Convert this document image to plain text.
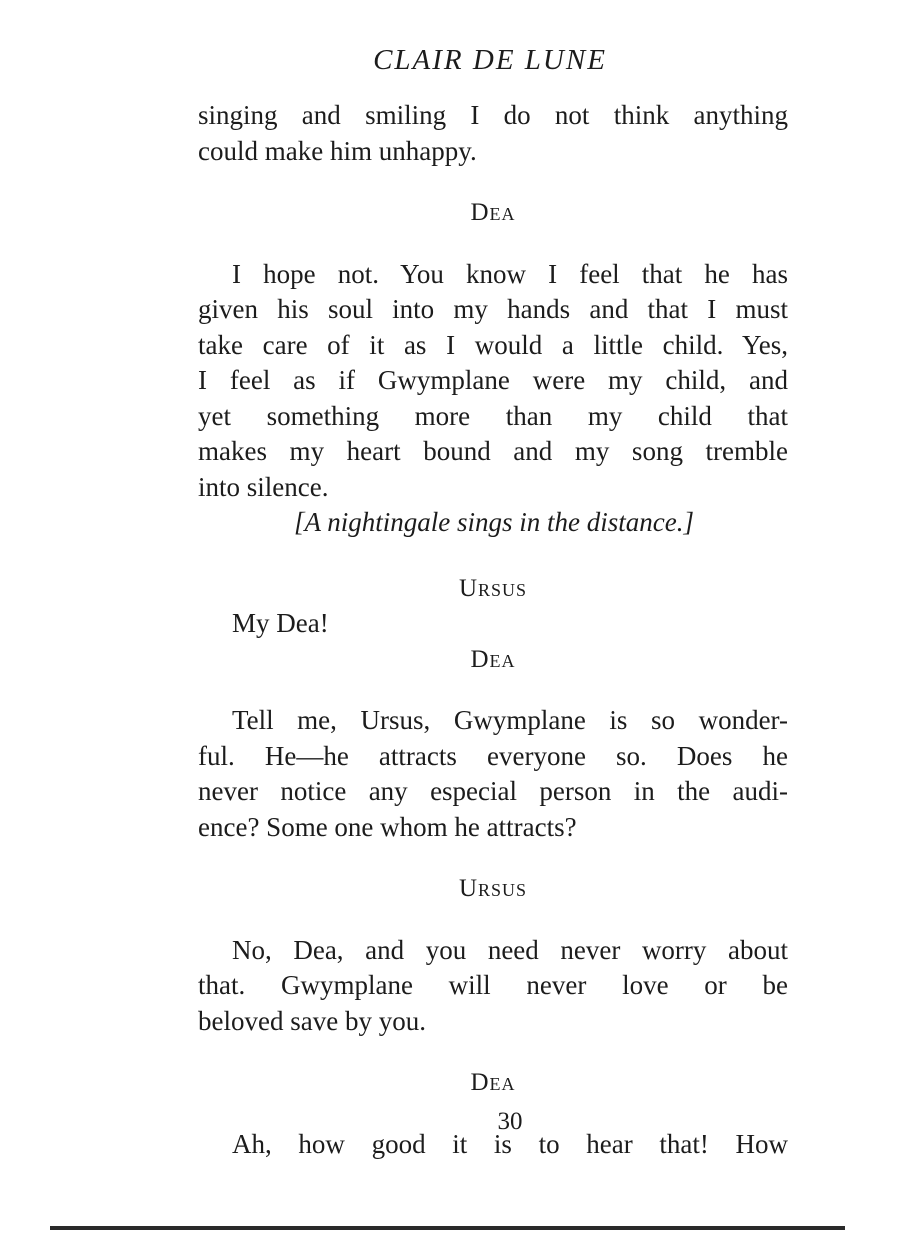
CLAIR DE LUNE
singing and smiling I do not think anything
could make him unhappy.
Dea
I hope not. You know I feel that he has
given his soul into my hands and that I must
take care of it as I would a little child. Yes,
I feel as if Gwymplane were my child, and
yet something more than my child that
makes my heart bound and my song tremble
into silence.
[A nightingale sings in the distance.]
Ursus
My Dea!
Dea
Tell me, Ursus, Gwymplane is so wonder-
ful. He—he attracts everyone so. Does he
never notice any especial person in the audi-
ence? Some one whom he attracts?
Ursus
No, Dea, and you need never worry about
that. Gwymplane will never love or be
beloved save by you.
Dea
Ah, how good it is to hear that! How
30
